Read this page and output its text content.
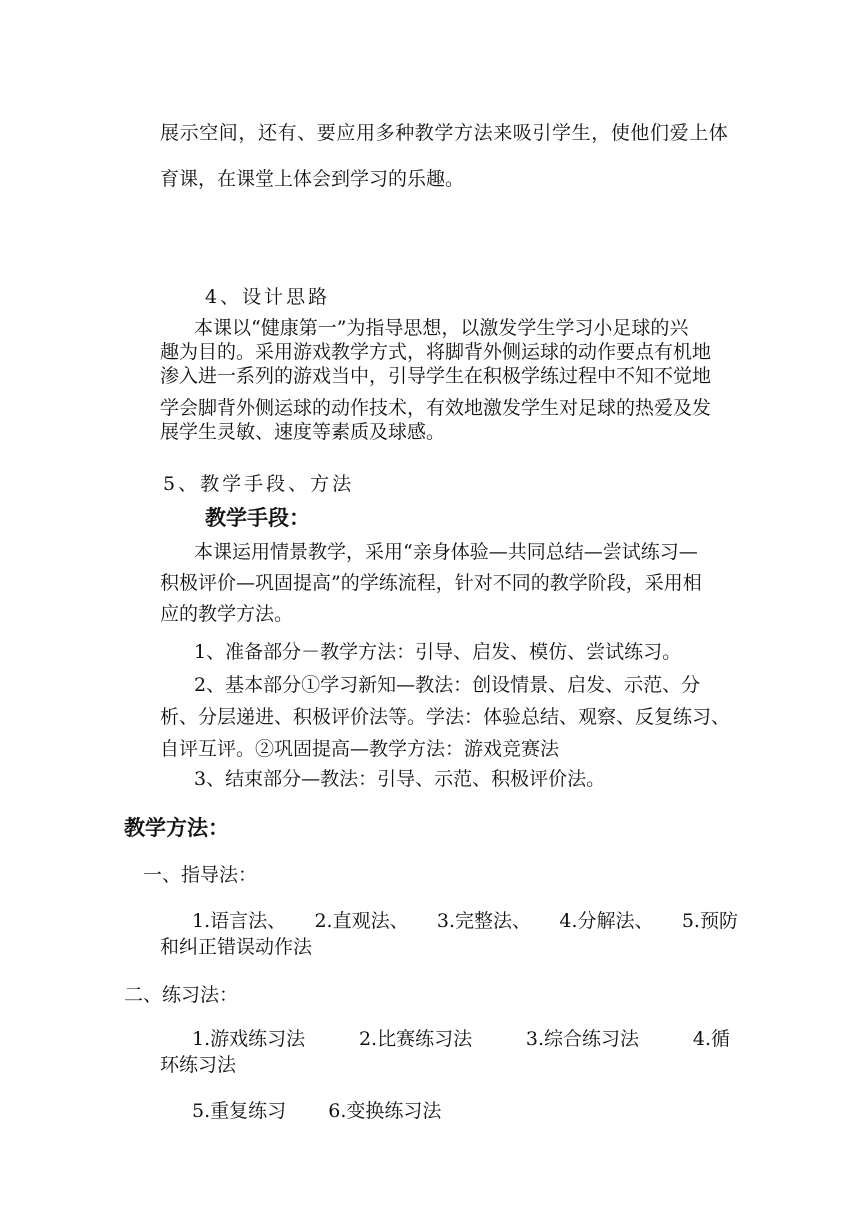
展示空间，还有、要应用多种教学方法来吸引学生，使他们爱上体
育课，在课堂上体会到学习的乐趣。
4、设计思路
本课以“健康第一”为指导思想，以激发学生学习小足球的兴
趣为目的。采用游戏教学方式，将脚背外侧运球的动作要点有机地
渗入进一系列的游戏当中，引导学生在积极学练过程中不知不觉地
学会脚背外侧运球的动作技术，有效地激发学生对足球的热爱及发
展学生灵敏、速度等素质及球感。
5、教学手段、方法
教学手段：
本课运用情景教学，采用“亲身体验—共同总结—尝试练习—
积极评价—巩固提高”的学练流程，针对不同的教学阶段，采用相
应的教学方法。
1、准备部分－教学方法：引导、启发、模仿、尝试练习。
2、基本部分①学习新知—教法：创设情景、启发、示范、分
析、分层递进、积极评价法等。学法：体验总结、观察、反复练习、
自评互评。②巩固提高—教学方法：游戏竞赛法
3、结束部分—教法：引导、示范、积极评价法。
教学方法：
一、指导法：
1.语言法、 2.直观法、 3.完整法、 4.分解法、 5.预防
和纠正错误动作法
二、练习法：
1.游戏练习法	2.比赛练习法	3.综合练习法	4.循
环练习法
5.重复练习 6.变换练习法
